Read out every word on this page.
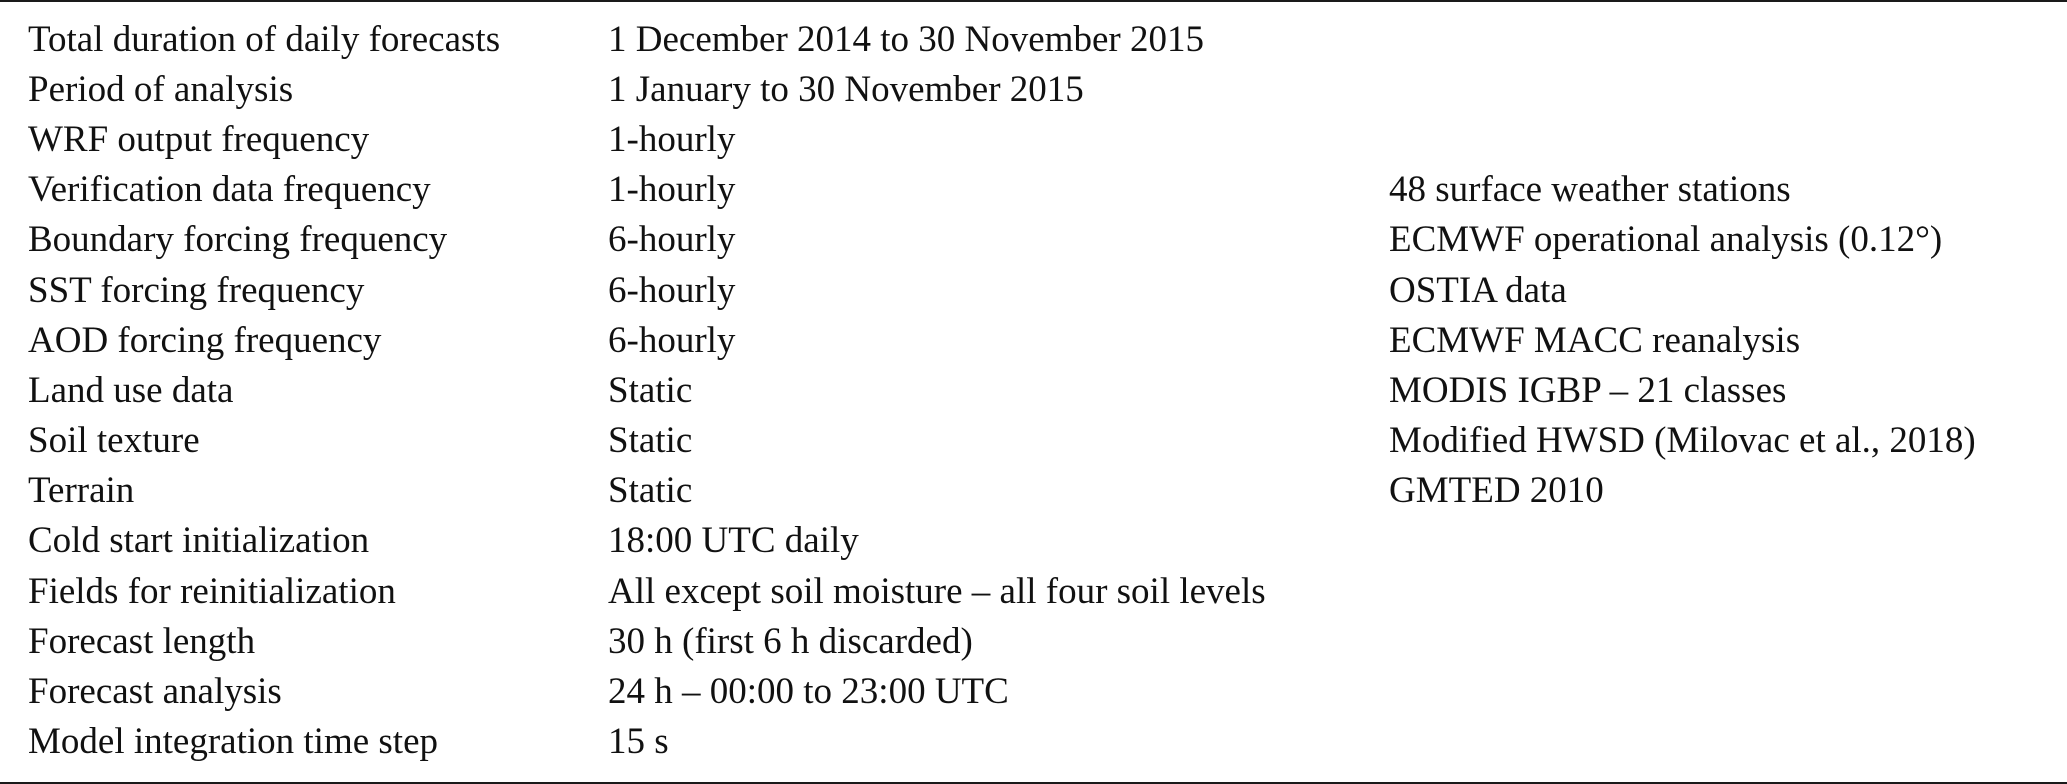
Total duration of daily forecasts	1 December 2014 to 30 November 2015	
Period of analysis	1 January to 30 November 2015	
WRF output frequency	1-hourly	
Verification data frequency	1-hourly	48 surface weather stations
Boundary forcing frequency	6-hourly	ECMWF operational analysis (0.12°)
SST forcing frequency	6-hourly	OSTIA data
AOD forcing frequency	6-hourly	ECMWF MACC reanalysis
Land use data	Static	MODIS IGBP – 21 classes
Soil texture	Static	Modified HWSD (Milovac et al., 2018)
Terrain	Static	GMTED 2010
Cold start initialization	18:00 UTC daily	
Fields for reinitialization	All except soil moisture – all four soil levels	
Forecast length	30 h (first 6 h discarded)	
Forecast analysis	24 h – 00:00 to 23:00 UTC	
Model integration time step	15 s	
